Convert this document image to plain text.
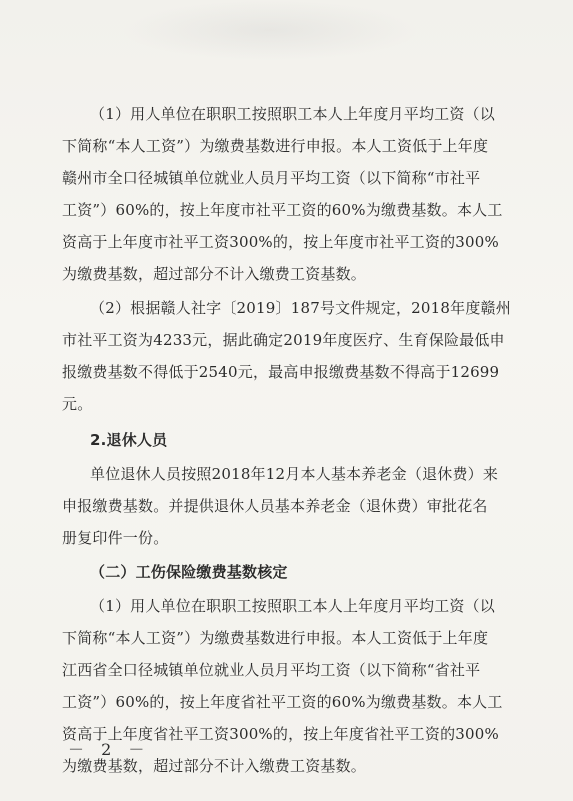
（1）用人单位在职职工按照职工本人上年度月平均工资（以
下简称“本人工资”）为缴费基数进行申报。本人工资低于上年度
赣州市全口径城镇单位就业人员月平均工资（以下简称“市社平
工资”）60%的，按上年度市社平工资的60%为缴费基数。本人工
资高于上年度市社平工资300%的，按上年度市社平工资的300%
为缴费基数，超过部分不计入缴费工资基数。
（2）根据赣人社字〔2019〕187号文件规定，2018年度赣州
市社平工资为4233元，据此确定2019年度医疗、生育保险最低申
报缴费基数不得低于2540元，最高申报缴费基数不得高于12699
元。
2.退休人员
单位退休人员按照2018年12月本人基本养老金（退休费）来
申报缴费基数。并提供退休人员基本养老金（退休费）审批花名
册复印件一份。
（二）工伤保险缴费基数核定
（1）用人单位在职职工按照职工本人上年度月平均工资（以
下简称“本人工资”）为缴费基数进行申报。本人工资低于上年度
江西省全口径城镇单位就业人员月平均工资（以下简称“省社平
工资”）60%的，按上年度省社平工资的60%为缴费基数。本人工
资高于上年度省社平工资300%的，按上年度省社平工资的300%
为缴费基数，超过部分不计入缴费工资基数。
－ 2 －
